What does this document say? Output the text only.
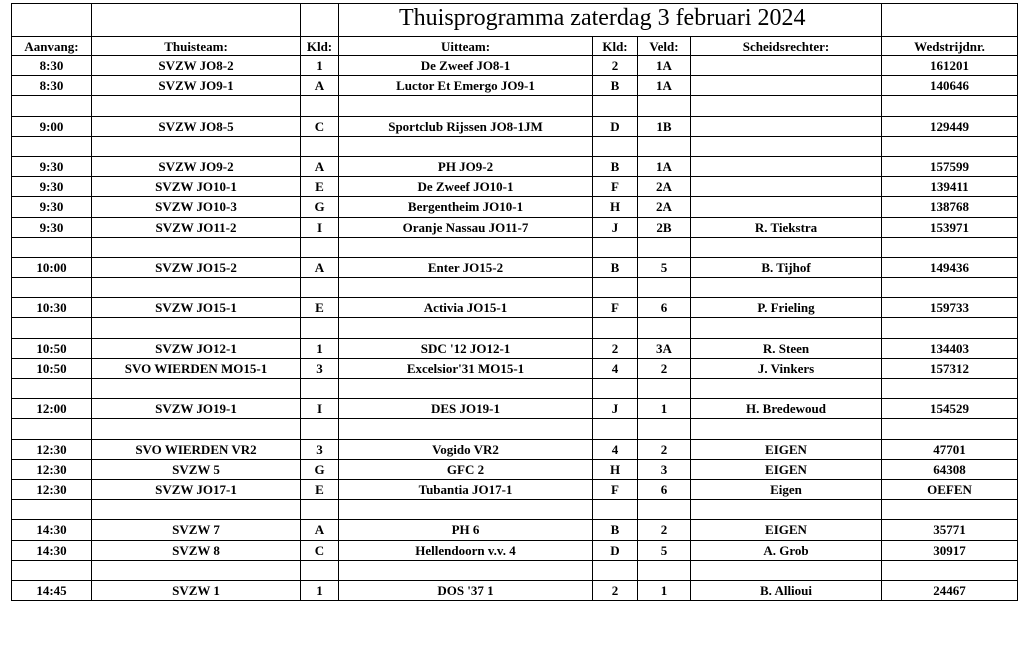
			Thuisprogramma zaterdag 3 februari 2024				

Aanvang:	Thuisteam:	Kld:	Uitteam:	Kld:	Veld:	Scheidsrechter:	Wedstrijdnr.
8:30	SVZW JO8-2	1	De Zweef JO8-1	2	1A		161201
8:30	SVZW JO9-1	A	Luctor Et Emergo JO9-1	B	1A		140646

9:00	SVZW JO8-5	C	Sportclub Rijssen JO8-1JM	D	1B		129449

9:30	SVZW JO9-2	A	PH JO9-2	B	1A		157599
9:30	SVZW JO10-1	E	De Zweef JO10-1	F	2A		139411
9:30	SVZW JO10-3	G	Bergentheim JO10-1	H	2A		138768
9:30	SVZW JO11-2	I	Oranje Nassau JO11-7	J	2B	R. Tiekstra	153971

10:00	SVZW JO15-2	A	Enter JO15-2	B	5	B. Tijhof	149436

10:30	SVZW JO15-1	E	Activia JO15-1	F	6	P. Frieling	159733

10:50	SVZW JO12-1	1	SDC '12 JO12-1	2	3A	R. Steen	134403
10:50	SVO WIERDEN MO15-1	3	Excelsior'31 MO15-1	4	2	J. Vinkers	157312

12:00	SVZW JO19-1	I	DES JO19-1	J	1	H. Bredewoud	154529

12:30	SVO WIERDEN VR2	3	Vogido VR2	4	2	EIGEN	47701
12:30	SVZW 5	G	GFC 2	H	3	EIGEN	64308
12:30	SVZW JO17-1	E	Tubantia JO17-1	F	6	Eigen	OEFEN

14:30	SVZW 7	A	PH 6	B	2	EIGEN	35771
14:30	SVZW 8	C	Hellendoorn v.v. 4	D	5	A. Grob	30917

14:45	SVZW 1	1	DOS '37 1	2	1	B. Allioui	24467
